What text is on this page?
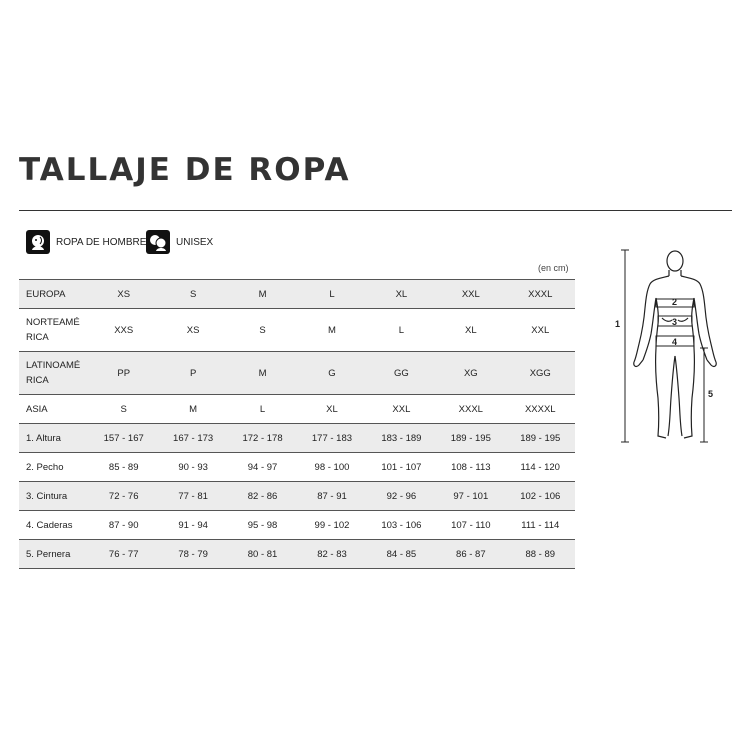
TALLAJE DE ROPA
ROPA DE HOMBRE	UNISEX
(en cm)
EUROPA	XS	S	M	L	XL	XXL	XXXL
NORTEAMÉ RICA	XXS	XS	S	M	L	XL	XXL
LATINOAMÉ RICA	PP	P	M	G	GG	XG	XGG
ASIA	S	M	L	XL	XXL	XXXL	XXXXL
1. Altura	157 - 167	167 - 173	172 - 178	177 - 183	183 - 189	189 - 195	189 - 195
2. Pecho	85 - 89	90 - 93	94 - 97	98 - 100	101 - 107	108 - 113	114 - 120
3. Cintura	72 - 76	77 - 81	82 - 86	87 - 91	92 - 96	97 - 101	102 - 106
4. Caderas	87 - 90	91 - 94	95 - 98	99 - 102	103 - 106	107 - 110	111 - 114
5. Pernera	76 - 77	78 - 79	80 - 81	82 - 83	84 - 85	86 - 87	88 - 89
1
2
3
4
5
